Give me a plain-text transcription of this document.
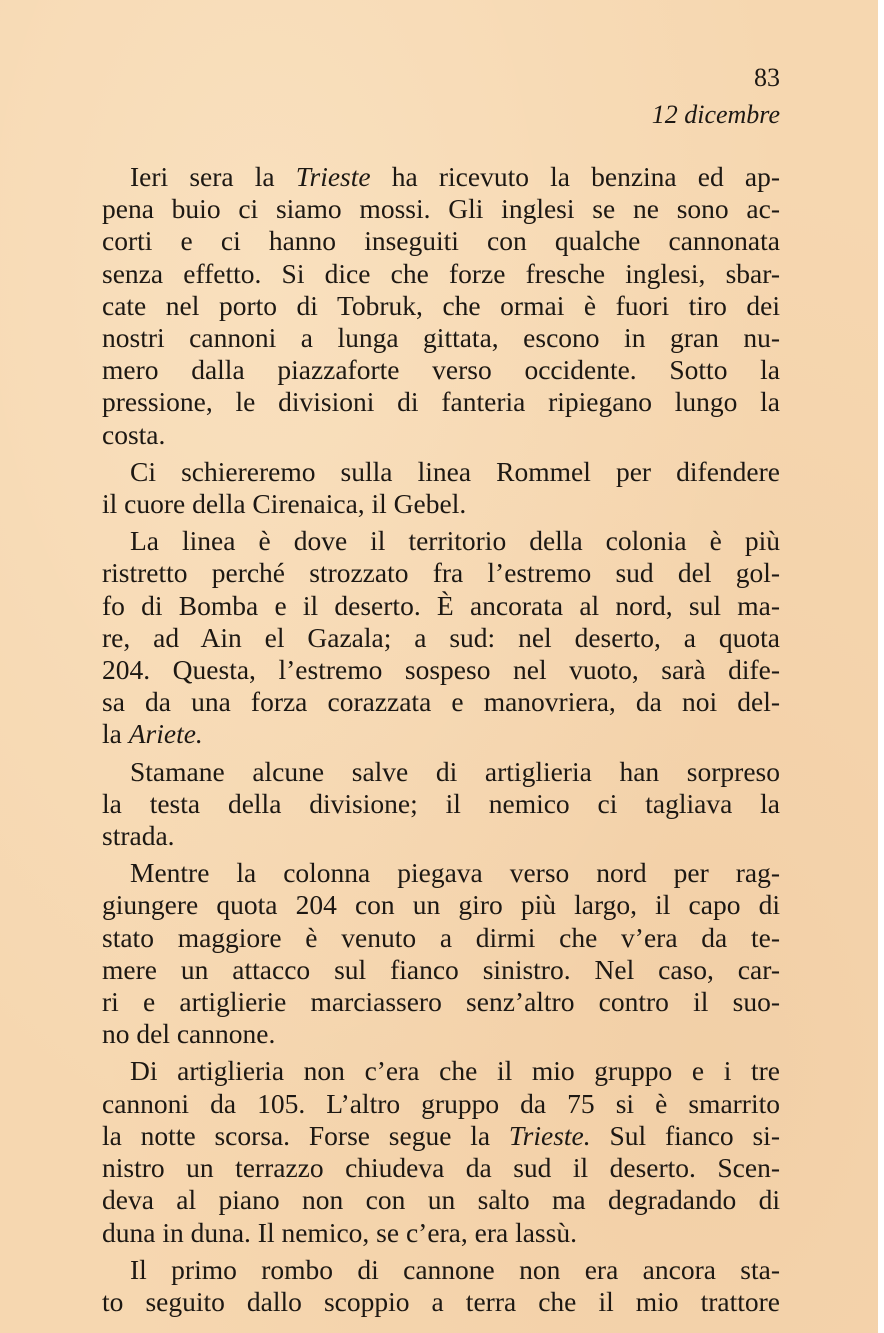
83
12 dicembre
Ieri sera la Trieste ha ricevuto la benzina ed ap-
pena buio ci siamo mossi. Gli inglesi se ne sono ac-
corti e ci hanno inseguiti con qualche cannonata
senza effetto. Si dice che forze fresche inglesi, sbar-
cate nel porto di Tobruk, che ormai è fuori tiro dei
nostri cannoni a lunga gittata, escono in gran nu-
mero dalla piazzaforte verso occidente. Sotto la
pressione, le divisioni di fanteria ripiegano lungo la
costa.
Ci schiereremo sulla linea Rommel per difendere
il cuore della Cirenaica, il Gebel.
La linea è dove il territorio della colonia è più
ristretto perché strozzato fra l’estremo sud del gol-
fo di Bomba e il deserto. È ancorata al nord, sul ma-
re, ad Ain el Gazala; a sud: nel deserto, a quota
204. Questa, l’estremo sospeso nel vuoto, sarà dife-
sa da una forza corazzata e manovriera, da noi del-
la Ariete.
Stamane alcune salve di artiglieria han sorpreso
la testa della divisione; il nemico ci tagliava la
strada.
Mentre la colonna piegava verso nord per rag-
giungere quota 204 con un giro più largo, il capo di
stato maggiore è venuto a dirmi che v’era da te-
mere un attacco sul fianco sinistro. Nel caso, car-
ri e artiglierie marciassero senz’altro contro il suo-
no del cannone.
Di artiglieria non c’era che il mio gruppo e i tre
cannoni da 105. L’altro gruppo da 75 si è smarrito
la notte scorsa. Forse segue la Trieste. Sul fianco si-
nistro un terrazzo chiudeva da sud il deserto. Scen-
deva al piano non con un salto ma degradando di
duna in duna. Il nemico, se c’era, era lassù.
Il primo rombo di cannone non era ancora sta-
to seguito dallo scoppio a terra che il mio trattore
